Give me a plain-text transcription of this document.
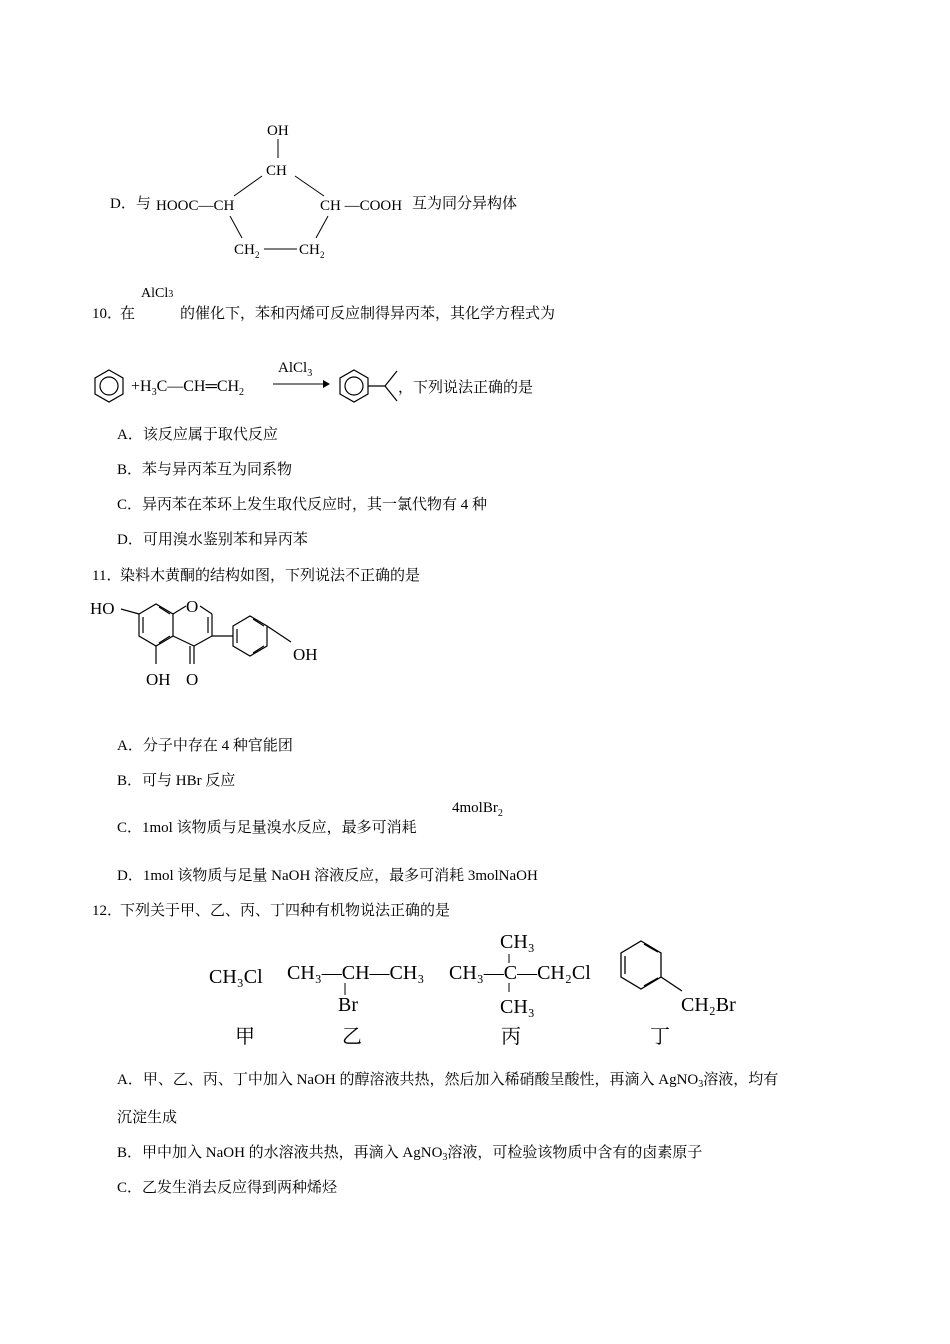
D．与
OH
CH
HOOC—CH	CH —COOH
CH 2	CH 2
互为同分异构体
10．
在
AlCl3
的催化下，苯和丙烯可反应制得异丙苯，其化学方程式为
$+H_3C—CH═CH_2$
AlCl$_3$
，下列说法正确的是
A．该反应属于取代反应
B．苯与异丙苯互为同系物
C．异丙苯在苯环上发生取代反应时，其一氯代物有 4 种
D．可用溴水鉴别苯和异丙苯
11．
染料木黄酮的结构如图，下列说法不正确的是
HO	O
OH
OH O
A．分子中存在 4 种官能团
B．可与 HBr 反应
C．1mol 该物质与足量溴水反应，最多可消耗
4molBr$_2$
D．1mol 该物质与足量 NaOH 溶液反应，最多可消耗 3molNaOH
12．
下列关于甲、乙、丙、丁四种有机物说法正确的是
CH₃Cl CH₃—CH—CH₃
Br
CH₃
CH₃—C—CH₂Cl
CH₃	CH₂Br
甲	乙	丙	丁
A．甲、乙、丙、丁中加入 NaOH 的醇溶液共热，然后加入稀硝酸呈酸性，再滴入 AgNO$_3$溶液，均有
沉淀生成
B．甲中加入 NaOH 的水溶液共热，再滴入 AgNO$_3$溶液，可检验该物质中含有的卤素原子
C．乙发生消去反应得到两种烯烃
